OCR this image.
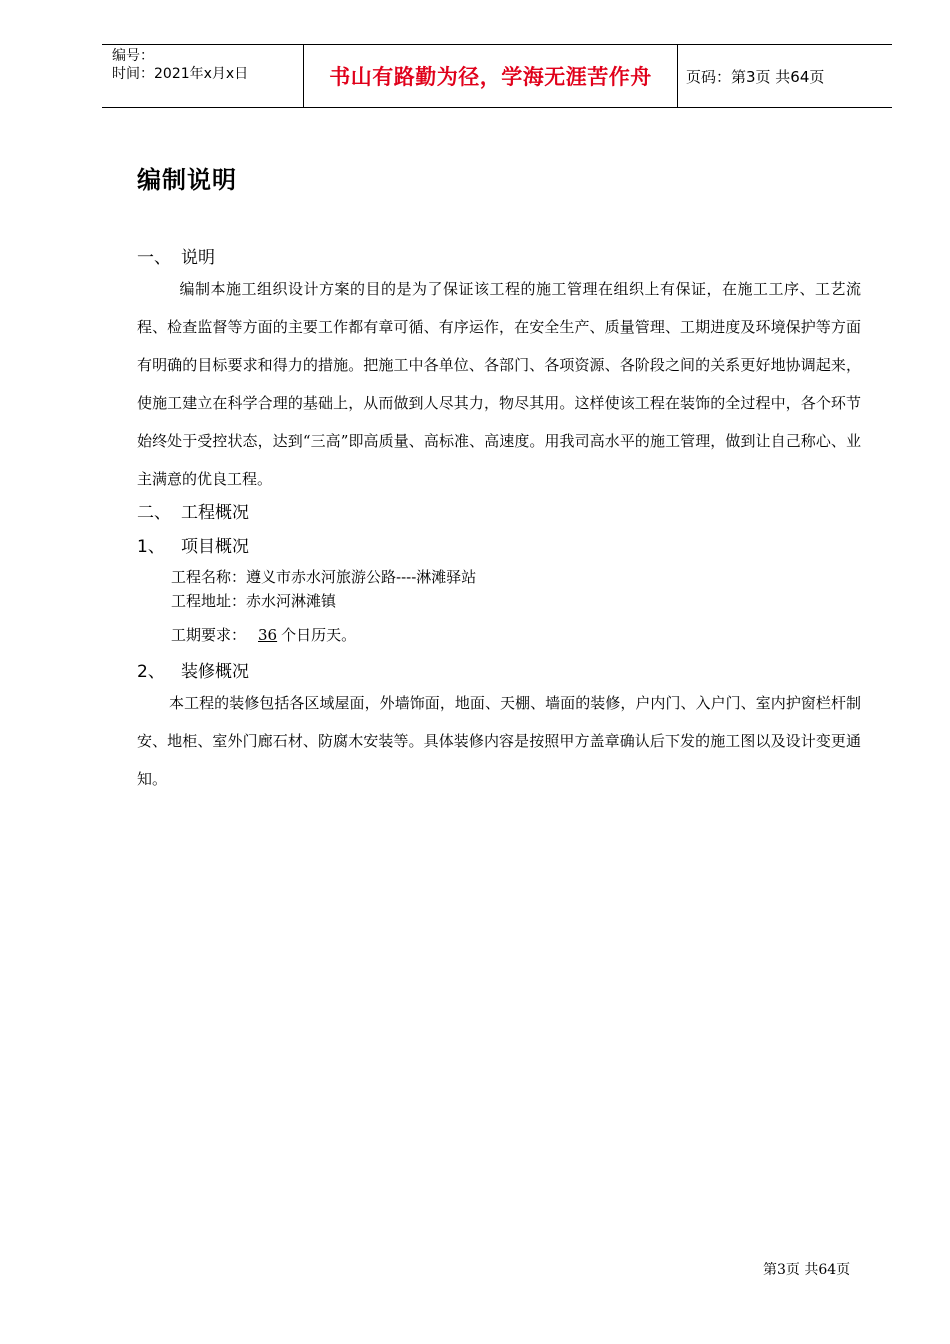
编号：
时间：2021年x月x日	书山有路勤为径，学海无涯苦作舟	页码：第3页 共64页
编制说明
一、 说明
编制本施工组织设计方案的目的是为了保证该工程的施工管理在组织上有保证，在施工工序、工艺流程、检查监督等方面的主要工作都有章可循、有序运作，在安全生产、质量管理、工期进度及环境保护等方面有明确的目标要求和得力的措施。把施工中各单位、各部门、各项资源、各阶段之间的关系更好地协调起来，使施工建立在科学合理的基础上，从而做到人尽其力，物尽其用。这样使该工程在装饰的全过程中，各个环节始终处于受控状态，达到“三高”即高质量、高标准、高速度。用我司高水平的施工管理，做到让自己称心、业主满意的优良工程。
二、 工程概况
1、 项目概况
工程名称：遵义市赤水河旅游公路----淋滩驿站
工程地址：赤水河淋滩镇
工期要求： 36 个日历天。
2、 装修概况
本工程的装修包括各区域屋面，外墙饰面，地面、天棚、墙面的装修，户内门、入户门、室内护窗栏杆制安、地柜、室外门廊石材、防腐木安装等。具体装修内容是按照甲方盖章确认后下发的施工图以及设计变更通知。
第3页 共64页
